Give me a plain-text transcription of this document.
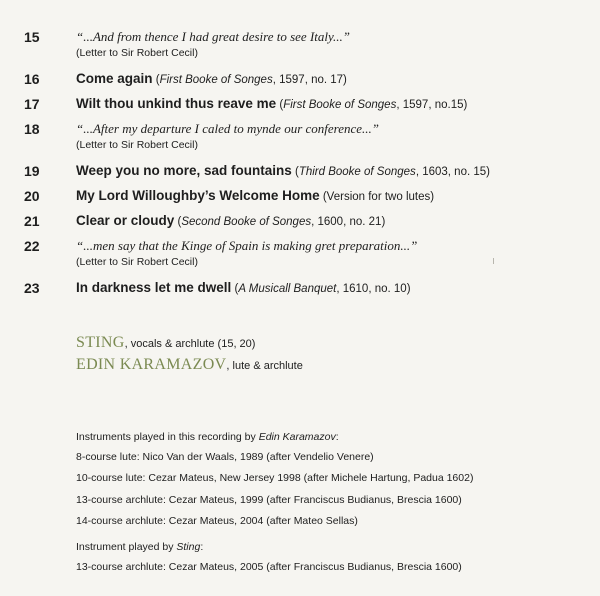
15	“...And from thence I had great desire to see Italy...”
(Letter to Sir Robert Cecil)
16	Come again (First Booke of Songes, 1597, no. 17)
17	Wilt thou unkind thus reave me (First Booke of Songes, 1597, no.15)
18	“...After my departure I caled to mynde our conference...”
(Letter to Sir Robert Cecil)
19	Weep you no more, sad fountains (Third Booke of Songes, 1603, no. 15)
20	My Lord Willoughby’s Welcome Home (Version for two lutes)
21	Clear or cloudy (Second Booke of Songes, 1600, no. 21)
22	“...men say that the Kinge of Spain is making gret preparation...”
(Letter to Sir Robert Cecil)
23	In darkness let me dwell (A Musicall Banquet, 1610, no. 10)
STING, vocals & archlute (15, 20)
EDIN KARAMAZOV, lute & archlute
Instruments played in this recording by Edin Karamazov:
8-course lute: Nico Van der Waals, 1989 (after Vendelio Venere)
10-course lute: Cezar Mateus, New Jersey 1998 (after Michele Hartung, Padua 1602)
13-course archlute: Cezar Mateus, 1999 (after Franciscus Budianus, Brescia 1600)
14-course archlute: Cezar Mateus, 2004 (after Mateo Sellas)
Instrument played by Sting:
13-course archlute: Cezar Mateus, 2005 (after Franciscus Budianus, Brescia 1600)
